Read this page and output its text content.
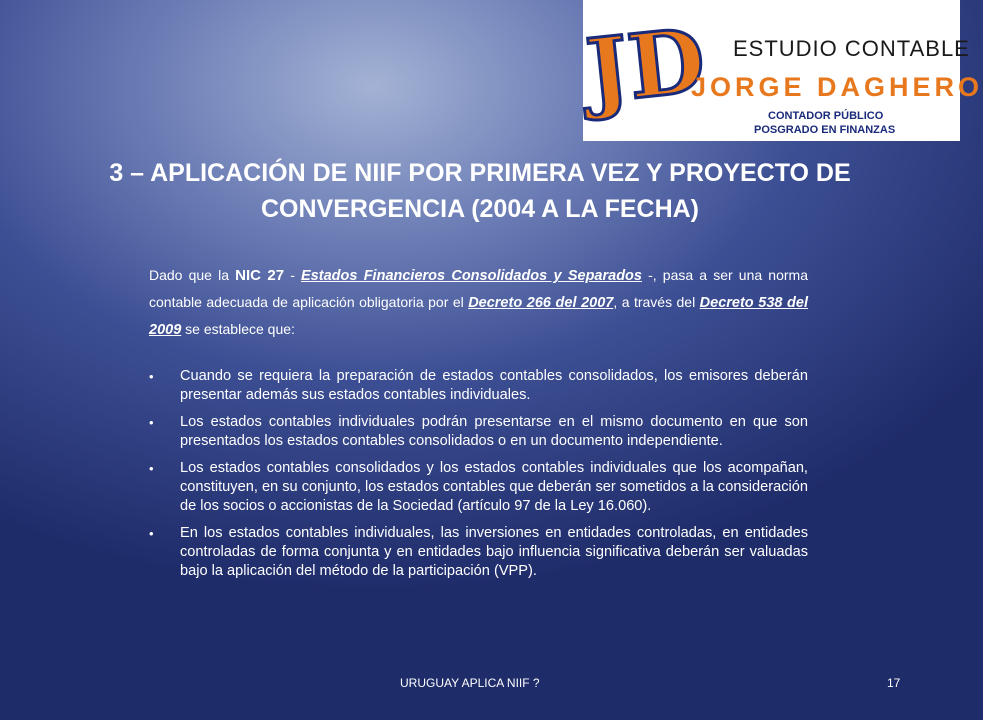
JD ESTUDIO CONTABLE
JORGE DAGHERO
CONTADOR PÚBLICO
POSGRADO EN FINANZAS
3 – APLICACIÓN DE NIIF POR PRIMERA VEZ Y PROYECTO DE CONVERGENCIA (2004 A LA FECHA)
Dado que la NIC 27 - Estados Financieros Consolidados y Separados -, pasa a ser una norma contable adecuada de aplicación obligatoria por el Decreto 266 del 2007, a través del Decreto 538 del 2009 se establece que:
• Cuando se requiera la preparación de estados contables consolidados, los emisores deberán presentar además sus estados contables individuales.
• Los estados contables individuales podrán presentarse en el mismo documento en que son presentados los estados contables consolidados o en un documento independiente.
• Los estados contables consolidados y los estados contables individuales que los acompañan, constituyen, en su conjunto, los estados contables que deberán ser sometidos a la consideración de los socios o accionistas de la Sociedad (artículo 97 de la Ley 16.060).
• En los estados contables individuales, las inversiones en entidades controladas, en entidades controladas de forma conjunta y en entidades bajo influencia significativa deberán ser valuadas bajo la aplicación del método de la participación (VPP).
URUGUAY APLICA NIIF ?	17
